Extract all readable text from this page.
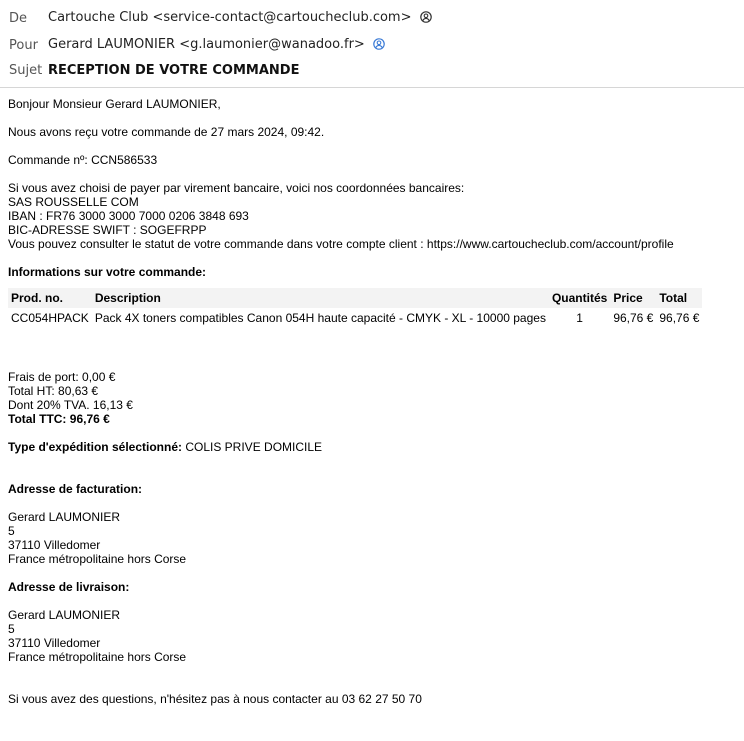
De Cartouche Club <service-contact@cartoucheclub.com>
Pour Gerard LAUMONIER <g.laumonier@wanadoo.fr>
Sujet RECEPTION DE VOTRE COMMANDE

Bonjour Monsieur Gerard LAUMONIER,

Nous avons reçu votre commande de 27 mars 2024, 09:42.

Commande nº: CCN586533

Si vous avez choisi de payer par virement bancaire, voici nos coordonnées bancaires:

SAS ROUSSELLE COM

IBAN : FR76 3000 3000 7000 0206 3848 693

BIC-ADRESSE SWIFT : SOGEFRPP

Vous pouvez consulter le statut de votre commande dans votre compte client : https://www.cartoucheclub.com/account/profile

Informations sur votre commande:

Prod. no.	Description	Quantités	Price	Total
CC054HPACK	Pack 4X toners compatibles Canon 054H haute capacité - CMYK - XL - 10000 pages	1	96,76 €	96,76 €

Frais de port: 0,00 €

Total HT: 80,63 €

Dont 20% TVA. 16,13 €

Total TTC: 96,76 €

Type d'expédition sélectionné: COLIS PRIVE DOMICILE

Adresse de facturation:

Gerard LAUMONIER

5

37110 Villedomer

France métropolitaine hors Corse

Adresse de livraison:

Gerard LAUMONIER

5

37110 Villedomer

France métropolitaine hors Corse

Si vous avez des questions, n'hésitez pas à nous contacter au 03 62 27 50 70
